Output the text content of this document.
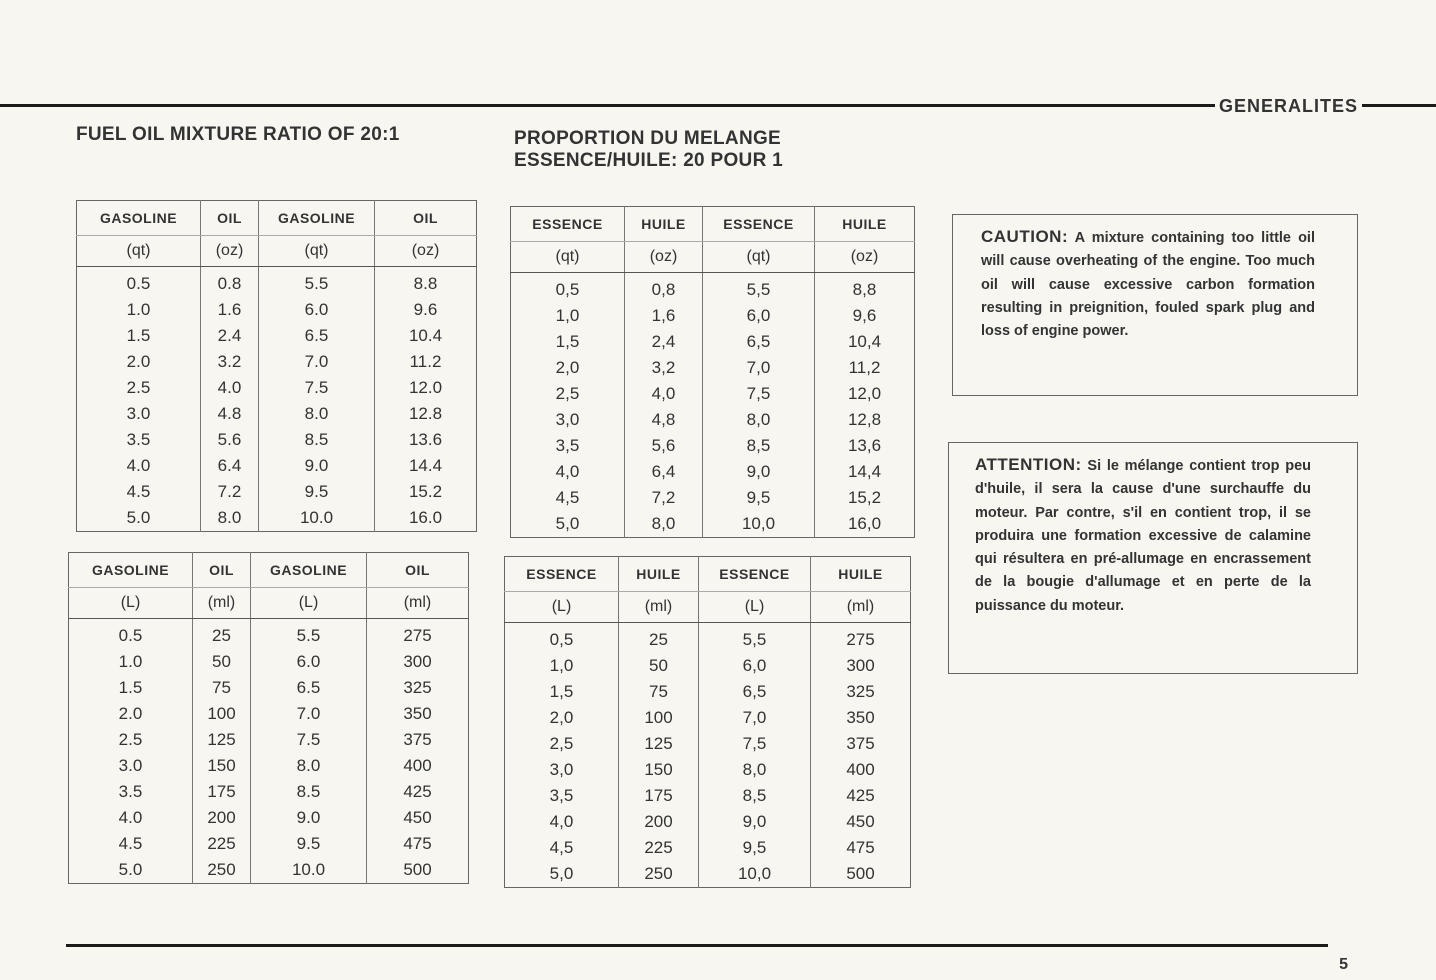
GENERALITES
5
FUEL OIL MIXTURE RATIO OF 20:1	PROPORTION DU MELANGE
ESSENCE/HUILE: 20 POUR 1
GASOLINE	OIL	GASOLINE	OIL
(qt)	(oz)	(qt)	(oz)
0.5	0.8	5.5	8.8
1.0	1.6	6.0	9.6
1.5	2.4	6.5	10.4
2.0	3.2	7.0	11.2
2.5	4.0	7.5	12.0
3.0	4.8	8.0	12.8
3.5	5.6	8.5	13.6
4.0	6.4	9.0	14.4
4.5	7.2	9.5	15.2
5.0	8.0	10.0	16.0
GASOLINE	OIL	GASOLINE	OIL
(L)	(ml)	(L)	(ml)
0.5	25	5.5	275
1.0	50	6.0	300
1.5	75	6.5	325
2.0	100	7.0	350
2.5	125	7.5	375
3.0	150	8.0	400
3.5	175	8.5	425
4.0	200	9.0	450
4.5	225	9.5	475
5.0	250	10.0	500
ESSENCE	HUILE	ESSENCE	HUILE
(qt)	(oz)	(qt)	(oz)
0,5	0,8	5,5	8,8
1,0	1,6	6,0	9,6
1,5	2,4	6,5	10,4
2,0	3,2	7,0	11,2
2,5	4,0	7,5	12,0
3,0	4,8	8,0	12,8
3,5	5,6	8,5	13,6
4,0	6,4	9,0	14,4
4,5	7,2	9,5	15,2
5,0	8,0	10,0	16,0
ESSENCE	HUILE	ESSENCE	HUILE
(L)	(ml)	(L)	(ml)
0,5	25	5,5	275
1,0	50	6,0	300
1,5	75	6,5	325
2,0	100	7,0	350
2,5	125	7,5	375
3,0	150	8,0	400
3,5	175	8,5	425
4,0	200	9,0	450
4,5	225	9,5	475
5,0	250	10,0	500
CAUTION: A mixture containing too little oil will cause overheating of the engine. Too much oil will cause excessive carbon formation resulting in preignition, fouled spark plug and loss of engine power.
ATTENTION: Si le mélange contient trop peu d'huile, il sera la cause d'une surchauffe du moteur. Par contre, s'il en contient trop, il se produira une formation excessive de calamine qui résultera en pré-allumage en encrassement de la bougie d'allumage et en perte de la puissance du moteur.
